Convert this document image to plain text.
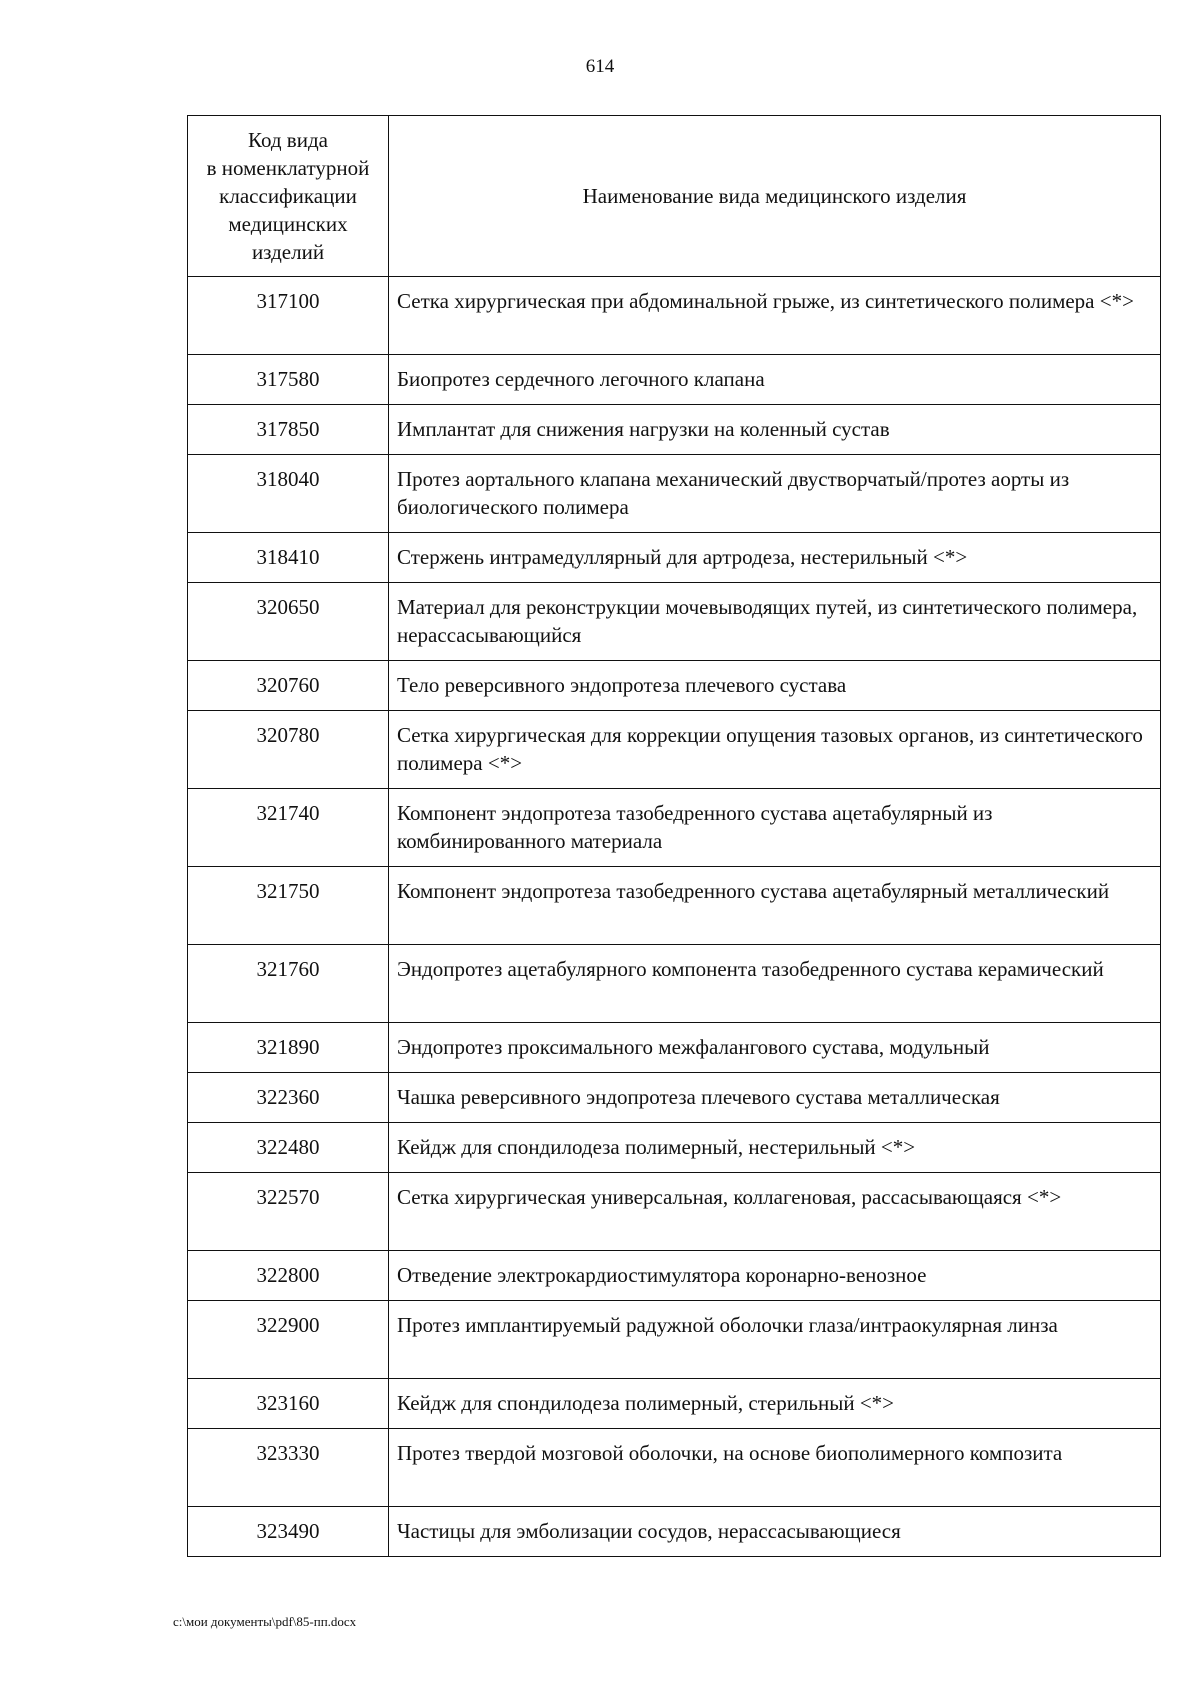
614
Код вида
в номенклатурной
классификации
медицинских
изделий	Наименование вида медицинского изделия
317100	Сетка хирургическая при абдоминальной грыже, из синтетического полимера <*>
317580	Биопротез сердечного легочного клапана
317850	Имплантат для снижения нагрузки на коленный сустав
318040	Протез аортального клапана механический двустворчатый/протез аорты из биологического полимера
318410	Стержень интрамедуллярный для артродеза, нестерильный <*>
320650	Материал для реконструкции мочевыводящих путей, из синтетического полимера, нерассасывающийся
320760	Тело реверсивного эндопротеза плечевого сустава
320780	Сетка хирургическая для коррекции опущения тазовых органов, из синтетического полимера <*>
321740	Компонент эндопротеза тазобедренного сустава ацетабулярный из комбинированного материала
321750	Компонент эндопротеза тазобедренного сустава ацетабулярный металлический
321760	Эндопротез ацетабулярного компонента тазобедренного сустава керамический
321890	Эндопротез проксимального межфалангового сустава, модульный
322360	Чашка реверсивного эндопротеза плечевого сустава металлическая
322480	Кейдж для спондилодеза полимерный, нестерильный <*>
322570	Сетка хирургическая универсальная, коллагеновая, рассасывающаяся <*>
322800	Отведение электрокардиостимулятора коронарно-венозное
322900	Протез имплантируемый радужной оболочки глаза/интраокулярная линза
323160	Кейдж для спондилодеза полимерный, стерильный <*>
323330	Протез твердой мозговой оболочки, на основе биополимерного композита
323490	Частицы для эмболизации сосудов, нерассасывающиеся
c:\мои документы\pdf\85-пп.docx
